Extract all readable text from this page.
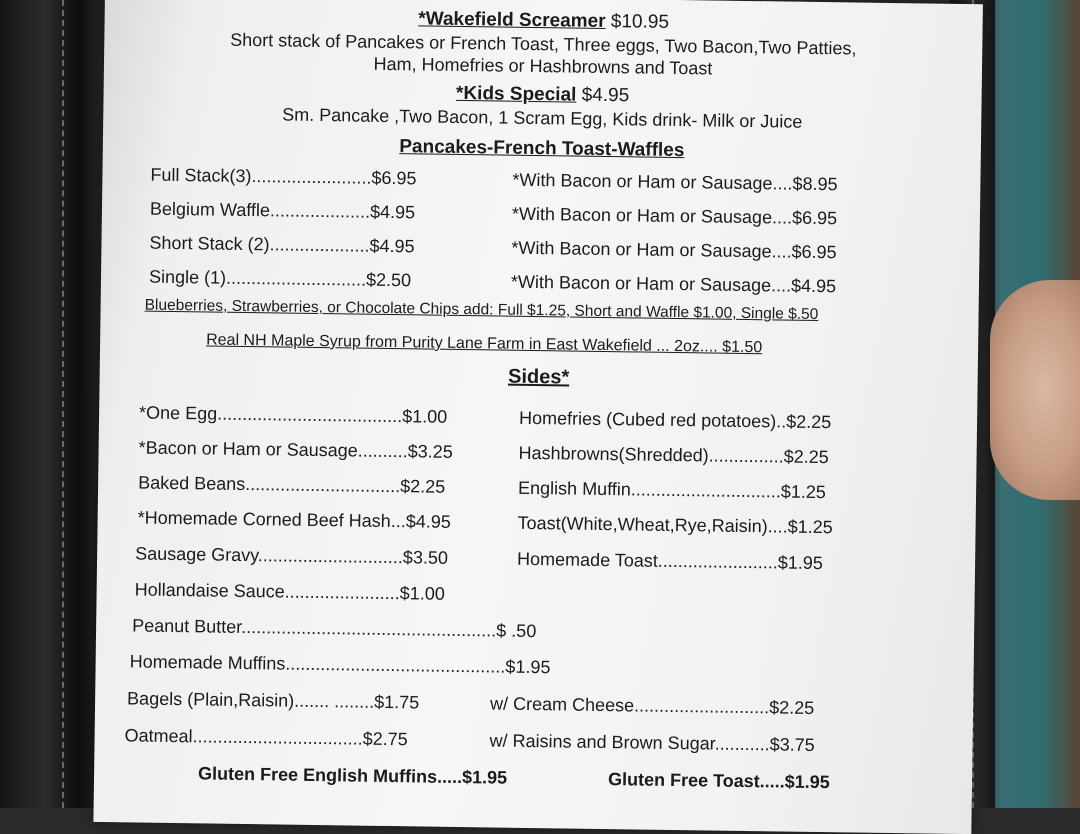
*Wakefield Screamer $10.95
Short stack of Pancakes or French Toast, Three eggs, Two Bacon,Two Patties,
Ham, Homefries or Hashbrowns and Toast
*Kids Special $4.95
Sm. Pancake ,Two Bacon, 1 Scram Egg, Kids drink- Milk or Juice
Pancakes-French Toast-Waffles
Full Stack(3)........................$6.95	*With Bacon or Ham or Sausage....$8.95
Belgium Waffle....................$4.95	*With Bacon or Ham or Sausage....$6.95
Short Stack (2)....................$4.95	*With Bacon or Ham or Sausage....$6.95
Single (1)............................$2.50	*With Bacon or Ham or Sausage....$4.95
Blueberries, Strawberries, or Chocolate Chips add: Full $1.25, Short and Waffle $1.00, Single $.50
Real NH Maple Syrup from Purity Lane Farm in East Wakefield ... 2oz.... $1.50
Sides*
*One Egg.....................................$1.00	Homefries (Cubed red potatoes)..$2.25
*Bacon or Ham or Sausage..........$3.25	Hashbrowns(Shredded)...............$2.25
Baked Beans...............................$2.25	English Muffin..............................$1.25
*Homemade Corned Beef Hash...$4.95	Toast(White,Wheat,Rye,Raisin)....$1.25
Sausage Gravy.............................$3.50	Homemade Toast........................$1.95
Hollandaise Sauce.......................$1.00
Peanut Butter...................................................$ .50
Homemade Muffins............................................$1.95
Bagels (Plain,Raisin)....... ........$1.75	w/ Cream Cheese...........................$2.25
Oatmeal..................................$2.75	w/ Raisins and Brown Sugar...........$3.75
Gluten Free English Muffins.....$1.95	Gluten Free Toast.....$1.95
